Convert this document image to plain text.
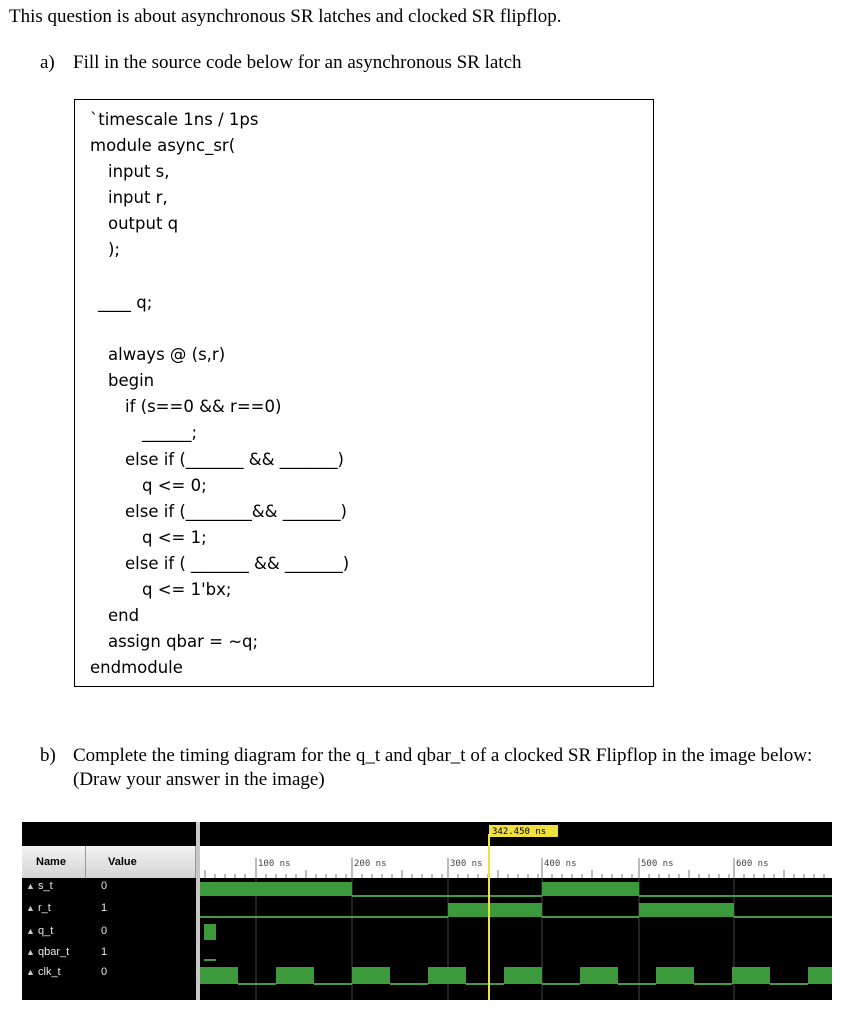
This question is about asynchronous SR latches and clocked SR flipflop.
a) Fill in the source code below for an asynchronous SR latch
`timescale 1ns / 1ps
module async_sr(
input s,
input r,
output q
);
____ q;
always @ (s,r)
begin
if (s==0 && r==0)
______;
else if (_______ && _______)
q <= 0;
else if (________&& _______)
q <= 1;
else if ( _______ && _______)
q <= 1'bx;
end
assign qbar = ~q;
endmodule
b) Complete the timing diagram for the q_t and qbar_t of a clocked SR Flipflop in the image below:
(Draw your answer in the image)
Name	Value
▲ s_t	0
▲ r_t	1
▲ q_t	0
▲ qbar_t	1
▲ clk_t	0
100 ns	200 ns	300 ns	400 ns	500 ns	600 ns
342.450 ns
